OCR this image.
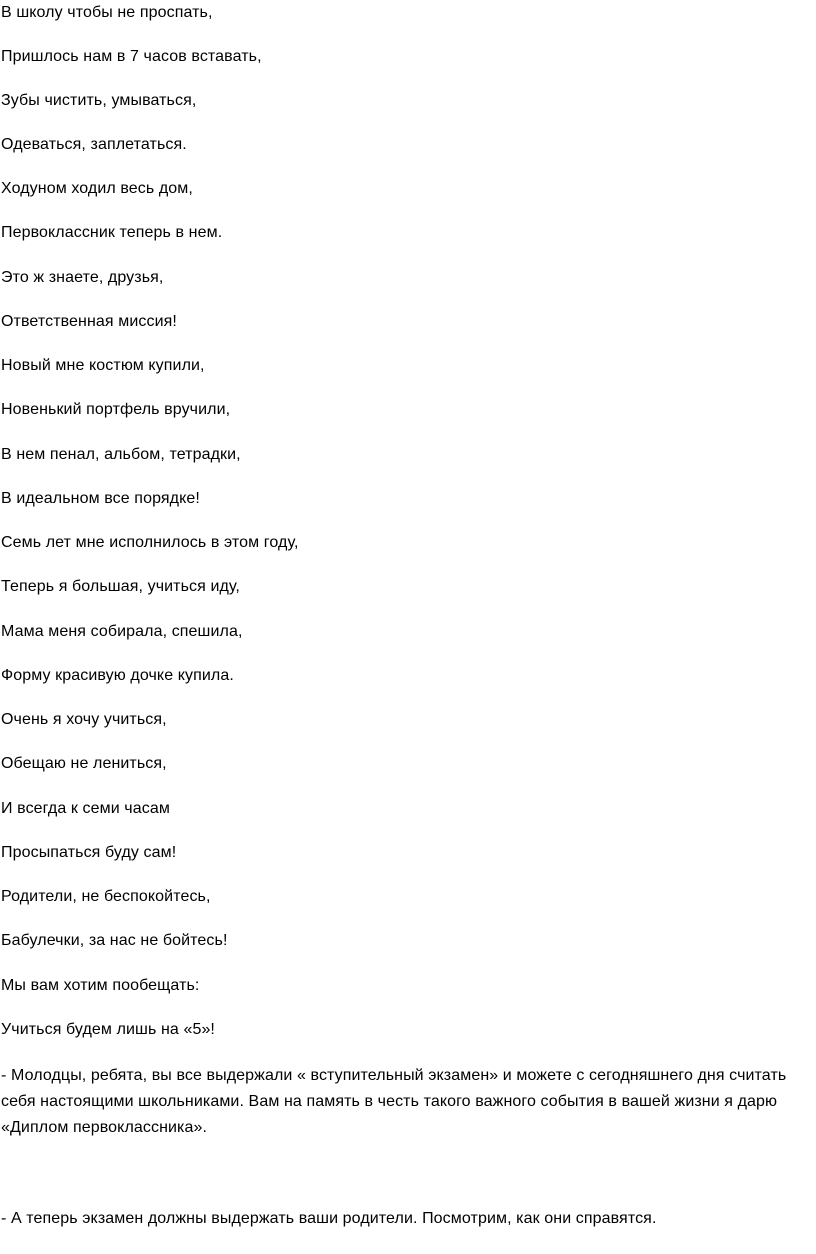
В школу чтобы не проспать,

Пришлось нам в 7 часов вставать,

Зубы чистить, умываться,

Одеваться, заплетаться.

Ходуном ходил весь дом,

Первоклассник теперь в нем.

Это ж знаете, друзья,

Ответственная миссия!

Новый мне костюм купили,

Новенький портфель вручили,

В нем пенал, альбом, тетрадки,

В идеальном все порядке!

Семь лет мне исполнилось в этом году,

Теперь я большая, учиться иду,

Мама меня собирала, спешила,

Форму красивую дочке купила.

Очень я хочу учиться,

Обещаю не лениться,

И всегда к семи часам

Просыпаться буду сам!

Родители, не беспокойтесь,

Бабулечки, за нас не бойтесь!

Мы вам хотим пообещать:

Учиться будем лишь на «5»!

- Молодцы, ребята, вы все выдержали « вступительный экзамен» и можете с сегодняшнего дня считать себя настоящими школьниками. Вам на память в честь такого важного события в вашей жизни я дарю «Диплом первоклассника».

- А теперь экзамен должны выдержать ваши родители. Посмотрим, как они справятся.
